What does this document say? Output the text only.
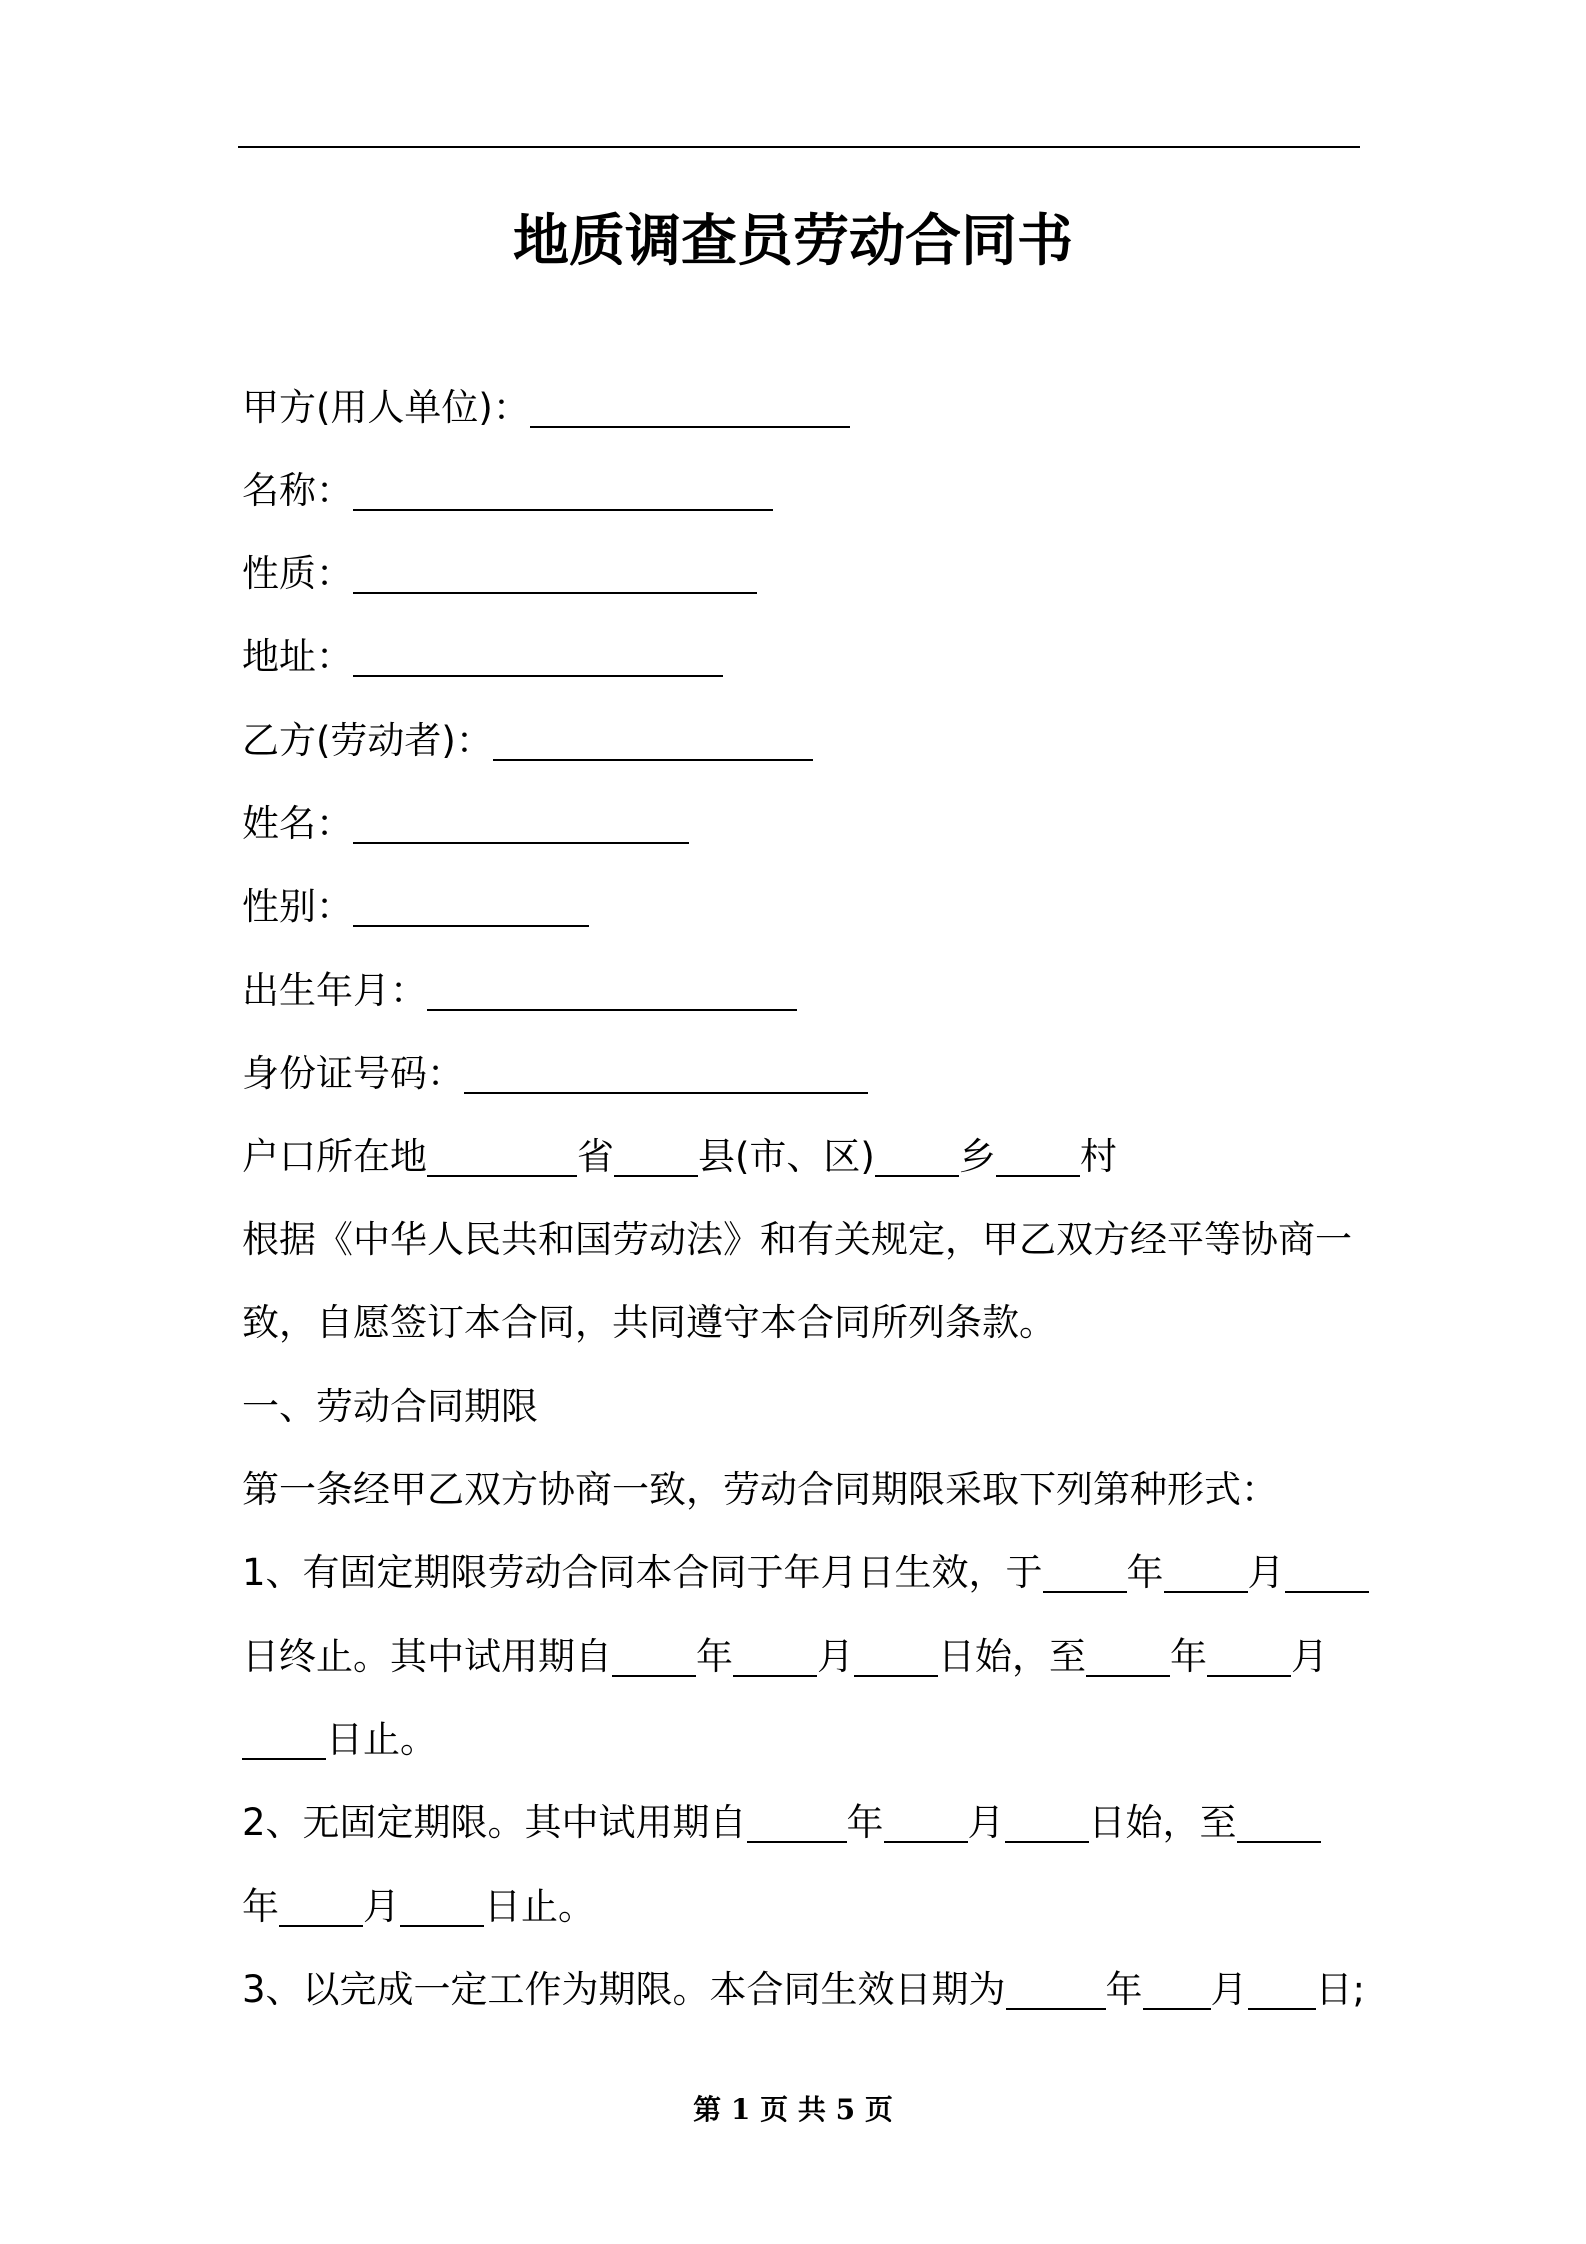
地质调查员劳动合同书
甲方(用人单位)：
名称：
性质：
地址：
乙方(劳动者)：
姓名：
性别：
出生年月：
身份证号码：
户口所在地	省 县(市、区) 乡 村
根据《中华人民共和国劳动法》和有关规定，甲乙双方经平等协商一
致，自愿签订本合同，共同遵守本合同所列条款。
一、劳动合同期限
第一条经甲乙双方协商一致，劳动合同期限采取下列第种形式：
1、有固定期限劳动合同本合同于年月日生效，于 年 月
日终止。其中试用期自 年 月 日始，至 年 月
日止。
2、无固定期限。其中试用期自	年 月 日始，至
年 月 日止。
3、以完成一定工作为期限。本合同生效日期为	年 月 日;
第 1 页 共 5 页
